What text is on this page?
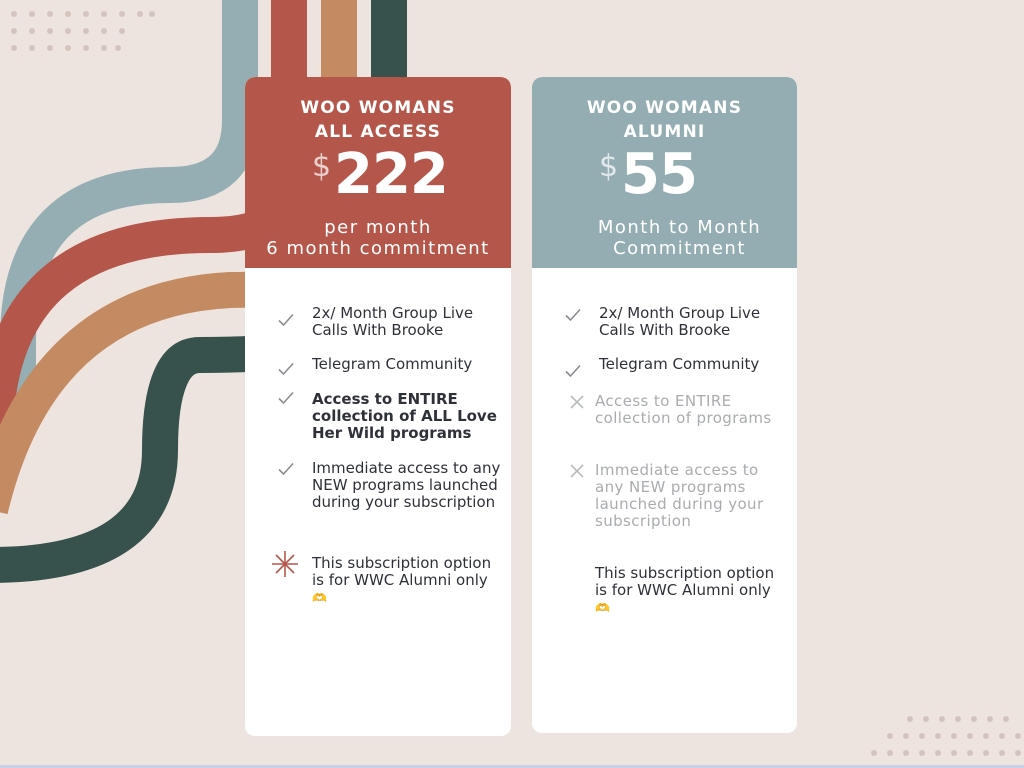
WOO WOMANS
ALL ACCESS
$ 222
per month
6 month commitment
2x/ Month Group Live Calls With Brooke
Telegram Community
Access to ENTIRE collection of ALL Love Her Wild programs
Immediate access to any NEW programs launched during your subscription
This subscription option is for WWC Alumni only 🫶
WOO WOMANS
ALUMNI
$ 55
Month to Month
Commitment
2x/ Month Group Live Calls With Brooke
Telegram Community
Access to ENTIRE collection of programs
Immediate access to any NEW programs launched during your subscription
This subscription option is for WWC Alumni only 🫶
